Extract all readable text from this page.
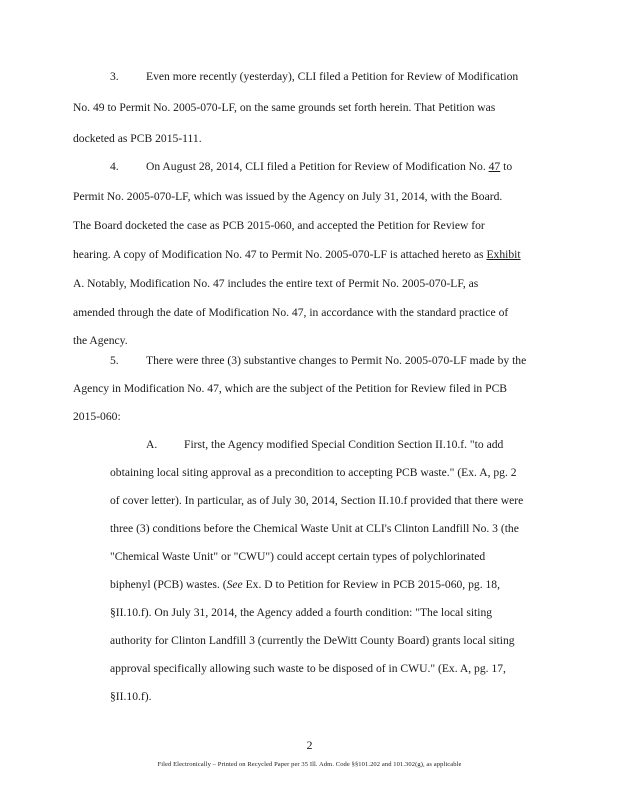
3. Even more recently (yesterday), CLI filed a Petition for Review of Modification
No. 49 to Permit No. 2005-070-LF, on the same grounds set forth herein. That Petition was
docketed as PCB 2015-111.
4. On August 28, 2014, CLI filed a Petition for Review of Modification No. 47 to
Permit No. 2005-070-LF, which was issued by the Agency on July 31, 2014, with the Board.
The Board docketed the case as PCB 2015-060, and accepted the Petition for Review for
hearing. A copy of Modification No. 47 to Permit No. 2005-070-LF is attached hereto as Exhibit
A. Notably, Modification No. 47 includes the entire text of Permit No. 2005-070-LF, as
amended through the date of Modification No. 47, in accordance with the standard practice of
the Agency.
5. There were three (3) substantive changes to Permit No. 2005-070-LF made by the
Agency in Modification No. 47, which are the subject of the Petition for Review filed in PCB
2015-060:
A. First, the Agency modified Special Condition Section II.10.f. "to add
obtaining local siting approval as a precondition to accepting PCB waste." (Ex. A, pg. 2
of cover letter). In particular, as of July 30, 2014, Section II.10.f provided that there were
three (3) conditions before the Chemical Waste Unit at CLI's Clinton Landfill No. 3 (the
"Chemical Waste Unit" or "CWU") could accept certain types of polychlorinated
biphenyl (PCB) wastes. (See Ex. D to Petition for Review in PCB 2015-060, pg. 18,
§II.10.f). On July 31, 2014, the Agency added a fourth condition: "The local siting
authority for Clinton Landfill 3 (currently the DeWitt County Board) grants local siting
approval specifically allowing such waste to be disposed of in CWU." (Ex. A, pg. 17,
§II.10.f).
2
Filed Electronically – Printed on Recycled Paper per 35 Ill. Adm. Code §§101.202 and 101.302(g), as applicable
